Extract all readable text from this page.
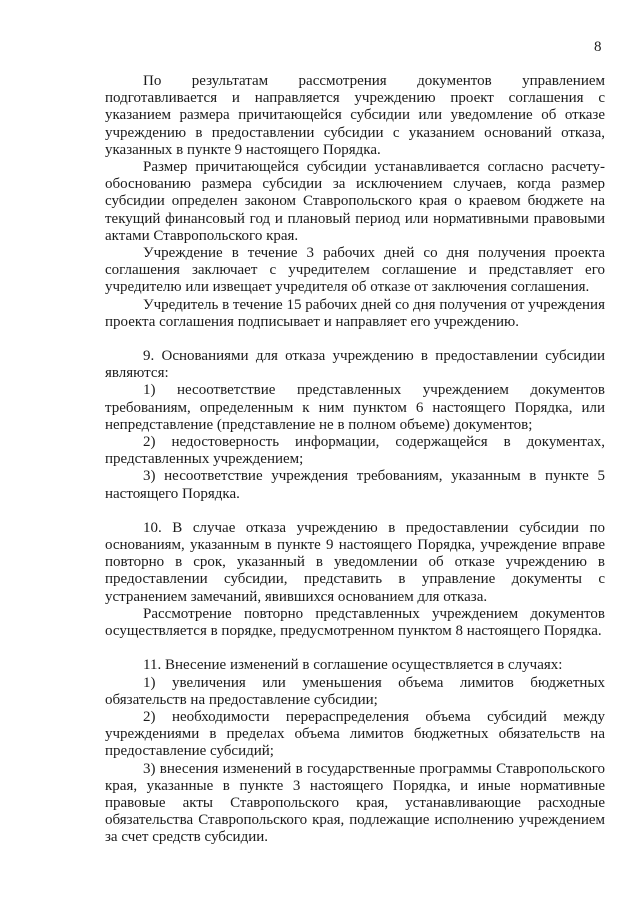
8

По результатам рассмотрения документов управлением подготавливается и направляется учреждению проект соглашения с указанием размера причитающейся субсидии или уведомление об отказе учреждению в предоставлении субсидии с указанием оснований отказа, указанных в пункте 9 настоящего Порядка.

Размер причитающейся субсидии устанавливается согласно расчету-обоснованию размера субсидии за исключением случаев, когда размер субсидии определен законом Ставропольского края о краевом бюджете на текущий финансовый год и плановый период или нормативными правовыми актами Ставропольского края.

Учреждение в течение 3 рабочих дней со дня получения проекта соглашения заключает с учредителем соглашение и представляет его учредителю или извещает учредителя об отказе от заключения соглашения.

Учредитель в течение 15 рабочих дней со дня получения от учреждения проекта соглашения подписывает и направляет его учреждению.

9. Основаниями для отказа учреждению в предоставлении субсидии являются:

1) несоответствие представленных учреждением документов требованиям, определенным к ним пунктом 6 настоящего Порядка, или непредставление (представление не в полном объеме) документов;

2) недостоверность информации, содержащейся в документах, представленных учреждением;

3) несоответствие учреждения требованиям, указанным в пункте 5 настоящего Порядка.

10. В случае отказа учреждению в предоставлении субсидии по основаниям, указанным в пункте 9 настоящего Порядка, учреждение вправе повторно в срок, указанный в уведомлении об отказе учреждению в предоставлении субсидии, представить в управление документы с устранением замечаний, явившихся основанием для отказа.

Рассмотрение повторно представленных учреждением документов осуществляется в порядке, предусмотренном пунктом 8 настоящего Порядка.

11. Внесение изменений в соглашение осуществляется в случаях:

1) увеличения или уменьшения объема лимитов бюджетных обязательств на предоставление субсидии;

2) необходимости перераспределения объема субсидий между учреждениями в пределах объема лимитов бюджетных обязательств на предоставление субсидий;

3) внесения изменений в государственные программы Ставропольского края, указанные в пункте 3 настоящего Порядка, и иные нормативные правовые акты Ставропольского края, устанавливающие расходные обязательства Ставропольского края, подлежащие исполнению учреждением за счет средств субсидии.
